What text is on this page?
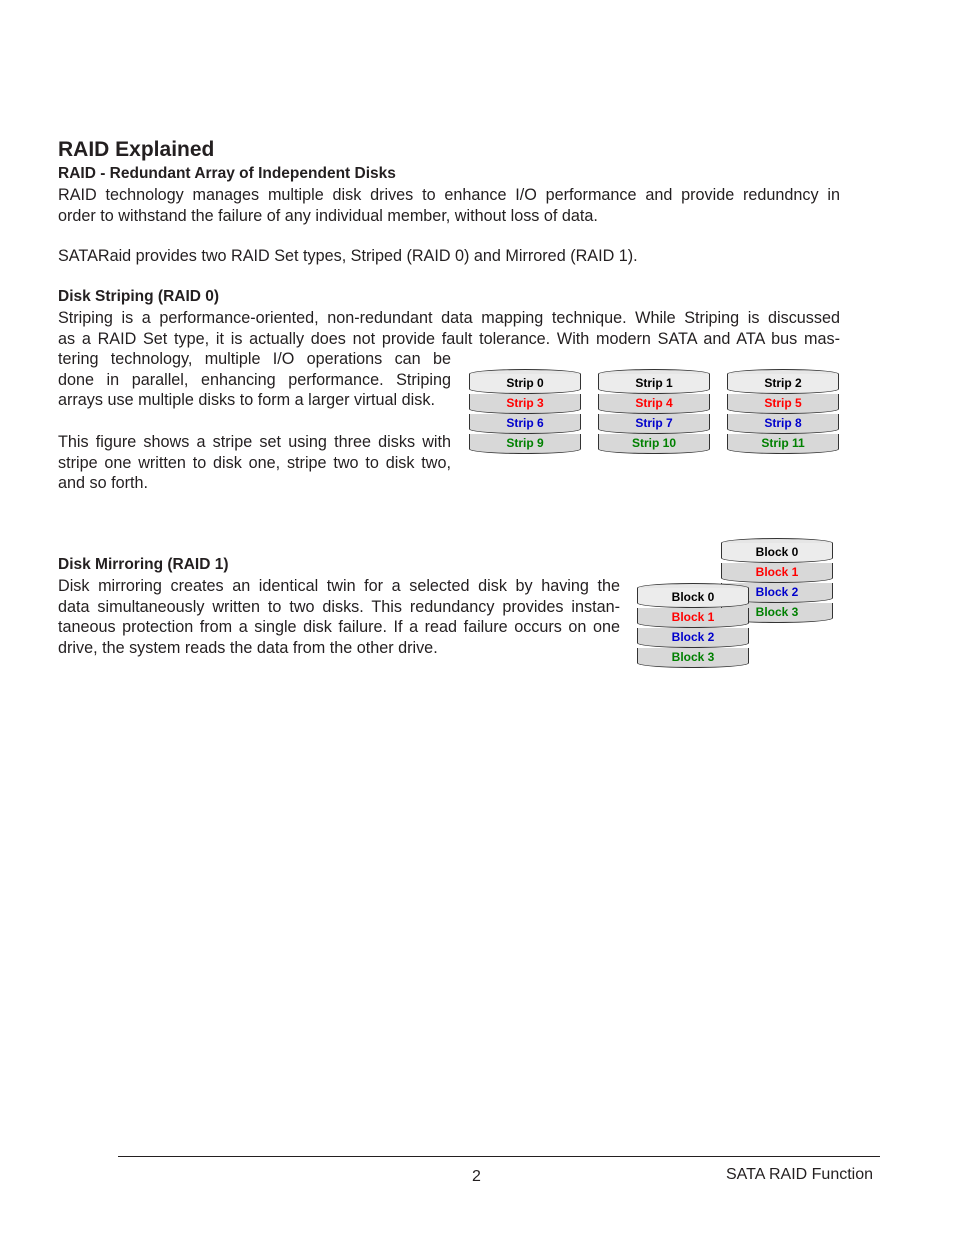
RAID Explained
RAID - Redundant Array of Independent Disks
RAID technology manages multiple disk drives to enhance I/O performance and provide redundncy in
order to withstand the failure of any individual member, without loss of data.
SATARaid provides two RAID Set types, Striped (RAID 0) and Mirrored (RAID 1).
Disk Striping (RAID 0)
Striping is a performance-oriented, non-redundant data mapping technique. While Striping is discussed
as a RAID Set type, it is actually does not provide fault tolerance. With modern SATA and ATA bus mas-
tering technology, multiple I/O operations can be
done in parallel, enhancing performance. Striping
arrays use multiple disks to form a larger virtual disk.
This figure shows a stripe set using three disks with
stripe one written to disk one, stripe two to disk two,
and so forth.
Strip 0
Strip 3
Strip 6
Strip 9
Strip 1
Strip 4
Strip 7
Strip 10
Strip 2
Strip 5
Strip 8
Strip 11
Disk Mirroring (RAID 1)
Disk mirroring creates an identical twin for a selected disk by having the
data simultaneously written to two disks. This redundancy provides instan-
taneous protection from a single disk failure. If a read failure occurs on one
drive, the system reads the data from the other drive.
Block 0
Block 1
Block 2
Block 3
Block 0
Block 1
Block 2
Block 3
2	SATA RAID Function
